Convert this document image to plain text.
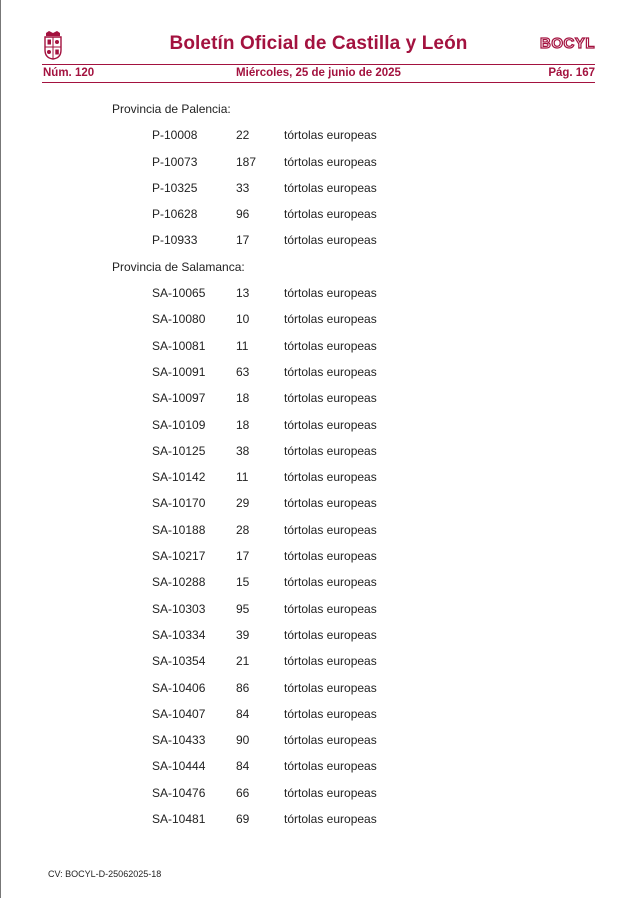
Boletín Oficial de Castilla y León	BOCYL
Núm. 120	Miércoles, 25 de junio de 2025	Pág. 167
Provincia de Palencia:
P-10008	22	tórtolas europeas
P-10073	187 tórtolas europeas
P-10325	33	tórtolas europeas
P-10628	96	tórtolas europeas
P-10933	17	tórtolas europeas
Provincia de Salamanca:
SA-10065	13	tórtolas europeas
SA-10080	10	tórtolas europeas
SA-10081	11	tórtolas europeas
SA-10091	63	tórtolas europeas
SA-10097	18	tórtolas europeas
SA-10109	18	tórtolas europeas
SA-10125	38	tórtolas europeas
SA-10142	11	tórtolas europeas
SA-10170	29	tórtolas europeas
SA-10188	28	tórtolas europeas
SA-10217	17	tórtolas europeas
SA-10288	15	tórtolas europeas
SA-10303	95	tórtolas europeas
SA-10334	39	tórtolas europeas
SA-10354	21	tórtolas europeas
SA-10406	86	tórtolas europeas
SA-10407	84	tórtolas europeas
SA-10433	90	tórtolas europeas
SA-10444	84	tórtolas europeas
SA-10476	66	tórtolas europeas
SA-10481	69	tórtolas europeas
CV: BOCYL-D-25062025-18
